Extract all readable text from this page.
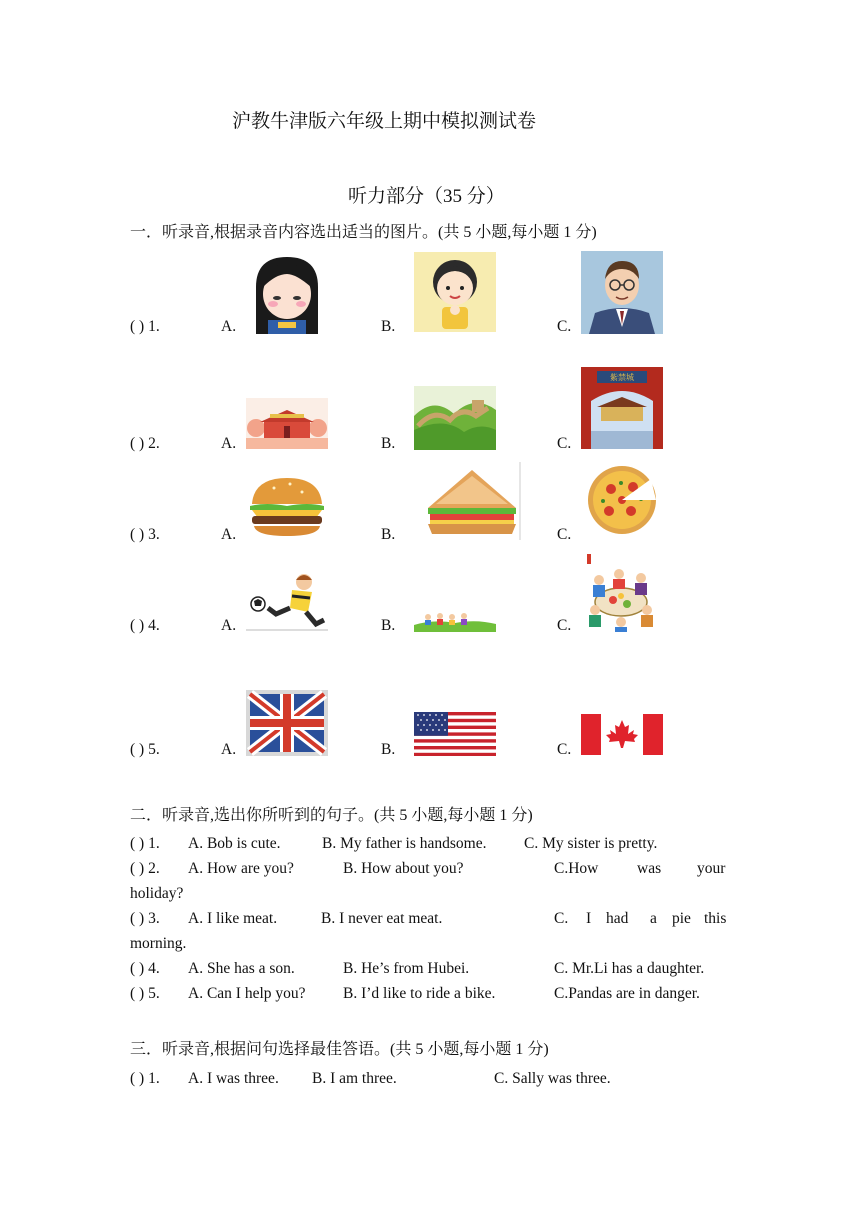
沪教牛津版六年级上期中模拟测试卷
听力部分（35 分）
一．听录音,根据录音内容选出适当的图片。(共 5 小题,每小题 1 分)
( ) 1.	A.	B.	C.
( ) 2.	A.	B.	C.
紫禁城
( ) 3.	A.	B.	C.
( ) 4.	A.	B.	C.
( ) 5.	A.	B.	C.
二．听录音,选出你所听到的句子。(共 5 小题,每小题 1 分)
( ) 1. A. Bob is cute.	B. My father is handsome. C. My sister is pretty.
( ) 2. A. How are you?	B. How about you?	C.How was your
holiday?
( ) 3. A. I like meat.	B. I never eat meat.	C. I had a pie this
morning.
( ) 4. A. She has a son.	B. He’s from Hubei.	C. Mr.Li has a daughter.
( ) 5. A. Can I help you? B. I’d like to ride a bike.	C.Pandas are in danger.
三．听录音,根据问句选择最佳答语。(共 5 小题,每小题 1 分)
( ) 1. A. I was three. B. I am three.	C. Sally was three.
